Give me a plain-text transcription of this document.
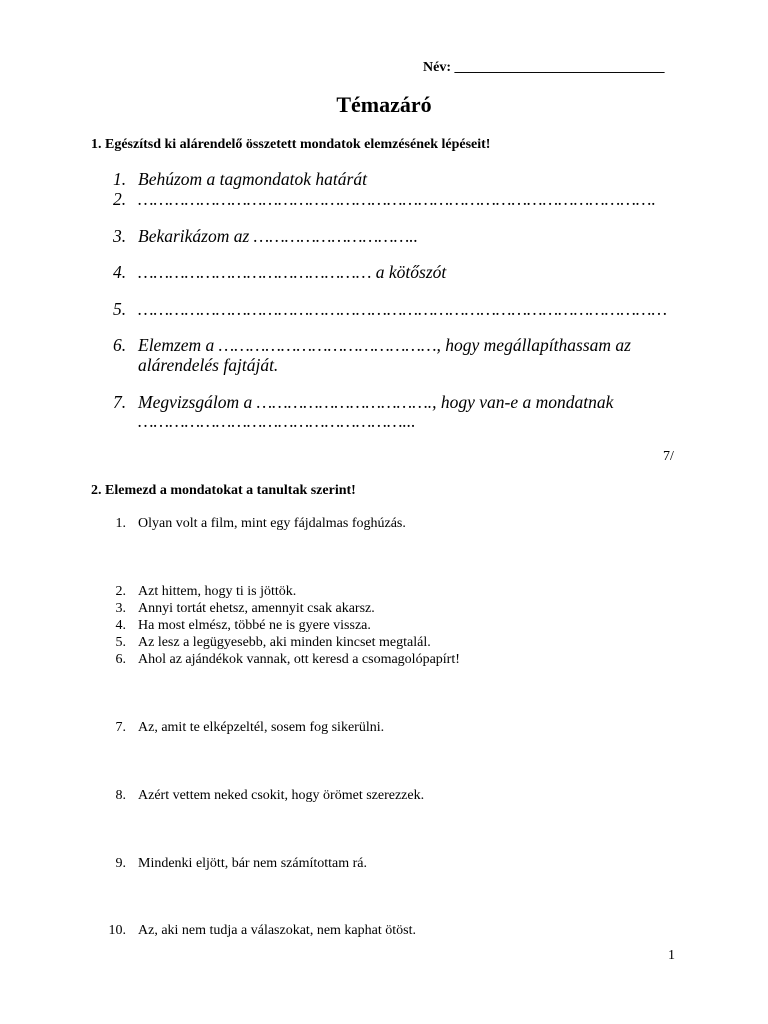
Név: ______________________________
Témazáró
1. Egészítsd ki alárendelő összetett mondatok elemzésének lépéseit!
1. Behúzom a tagmondatok határát
2. ……………………………………………………………………………………….
3. Bekarikázom az …………………………..
4. ……………………………………… a kötőszót
5. …………………………………………………………………………………………
6. Elemzem a ……………………………………, hogy megállapíthassam az
alárendelés fajtáját.
7. Megvizsgálom a ……………………………., hogy van-e a mondatnak
……………………………………………...
7/
2. Elemezd a mondatokat a tanultak szerint!
1. Olyan volt a film, mint egy fájdalmas foghúzás.
2. Azt hittem, hogy ti is jöttök.
3. Annyi tortát ehetsz, amennyit csak akarsz.
4. Ha most elmész, többé ne is gyere vissza.
5. Az lesz a legügyesebb, aki minden kincset megtalál.
6. Ahol az ajándékok vannak, ott keresd a csomagolópapírt!
7. Az, amit te elképzeltél, sosem fog sikerülni.
8. Azért vettem neked csokit, hogy örömet szerezzek.
9. Mindenki eljött, bár nem számítottam rá.
10. Az, aki nem tudja a válaszokat, nem kaphat ötöst.
1
